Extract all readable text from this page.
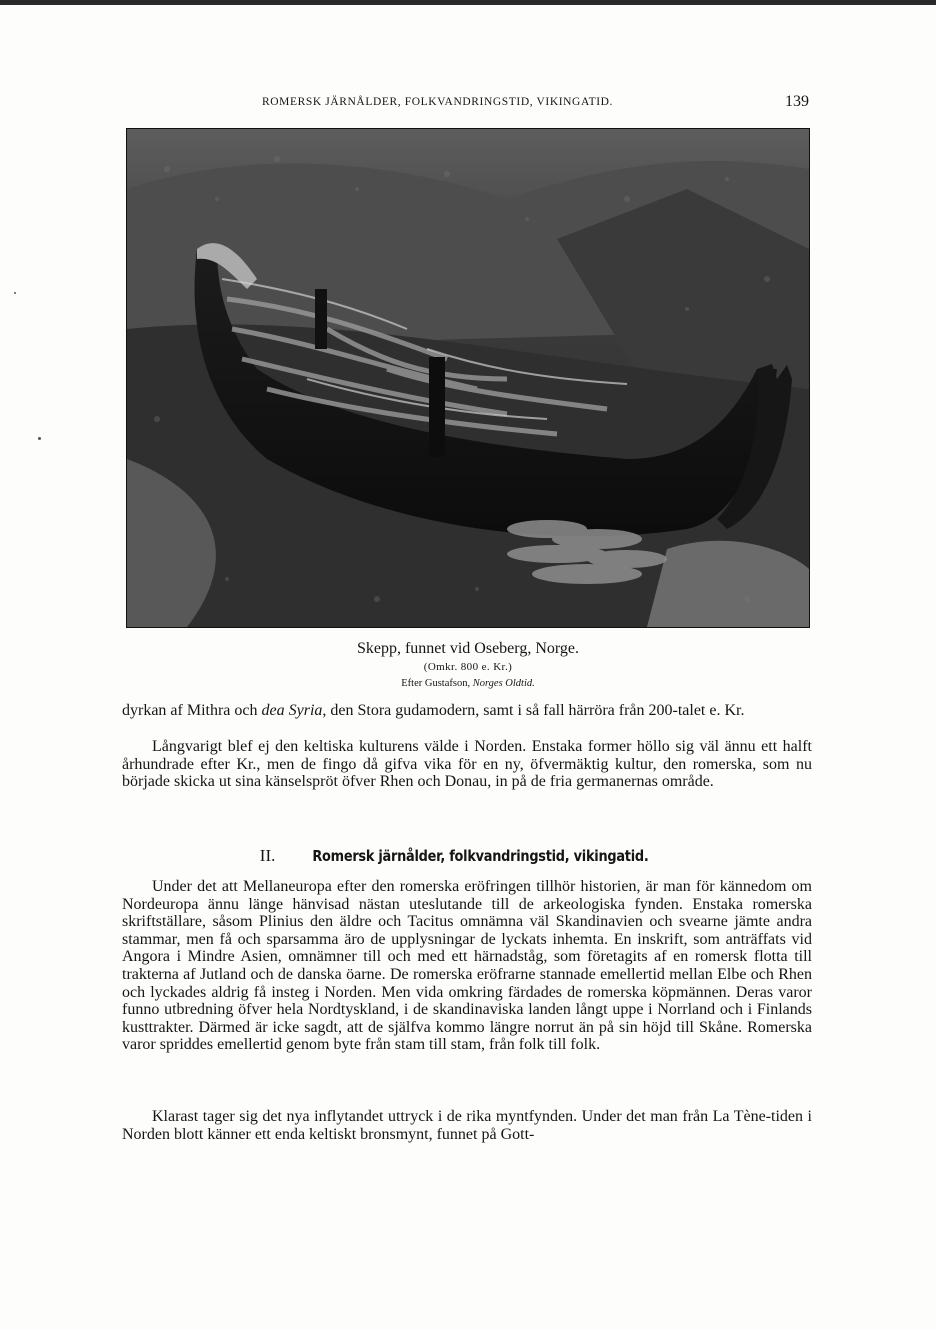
ROMERSK JÄRNÅLDER, FOLKVANDRINGSTID, VIKINGATID.	139
Skepp, funnet vid Oseberg, Norge.
(Omkr. 800 e. Kr.)
Efter Gustafson, Norges Oldtid.

dyrkan af Mithra och dea Syria, den Stora gudamodern, samt i så fall härröra från 200-talet e. Kr.

Långvarigt blef ej den keltiska kulturens välde i Norden. Enstaka former höllo sig väl ännu ett halft århundrade efter Kr., men de fingo då gifva vika för en ny, öfvermäktig kultur, den romerska, som nu började skicka ut sina känselspröt öfver Rhen och Donau, in på de fria germanernas område.

II. Romersk järnålder, folkvandringstid, vikingatid.

Under det att Mellaneuropa efter den romerska eröfringen tillhör historien, är man för kännedom om Nordeuropa ännu länge hänvisad nästan uteslutande till de arkeologiska fynden. Enstaka romerska skriftställare, såsom Plinius den äldre och Tacitus omnämna väl Skandinavien och svearne jämte andra stammar, men få och sparsamma äro de upplysningar de lyckats inhemta. En inskrift, som anträffats vid Angora i Mindre Asien, omnämner till och med ett härnadståg, som företagits af en romersk flotta till trakterna af Jutland och de danska öarne. De romerska eröfrarne stannade emellertid mellan Elbe och Rhen och lyckades aldrig få insteg i Norden. Men vida omkring färdades de romerska köpmännen. Deras varor funno utbredning öfver hela Nordtyskland, i de skandinaviska landen långt uppe i Norrland och i Finlands kusttrakter. Därmed är icke sagdt, att de själfva kommo längre norrut än på sin höjd till Skåne. Romerska varor spriddes emellertid genom byte från stam till stam, från folk till folk.

Klarast tager sig det nya inflytandet uttryck i de rika myntfynden. Under det man från La Tène-tiden i Norden blott känner ett enda keltiskt bronsmynt, funnet på Gott-
